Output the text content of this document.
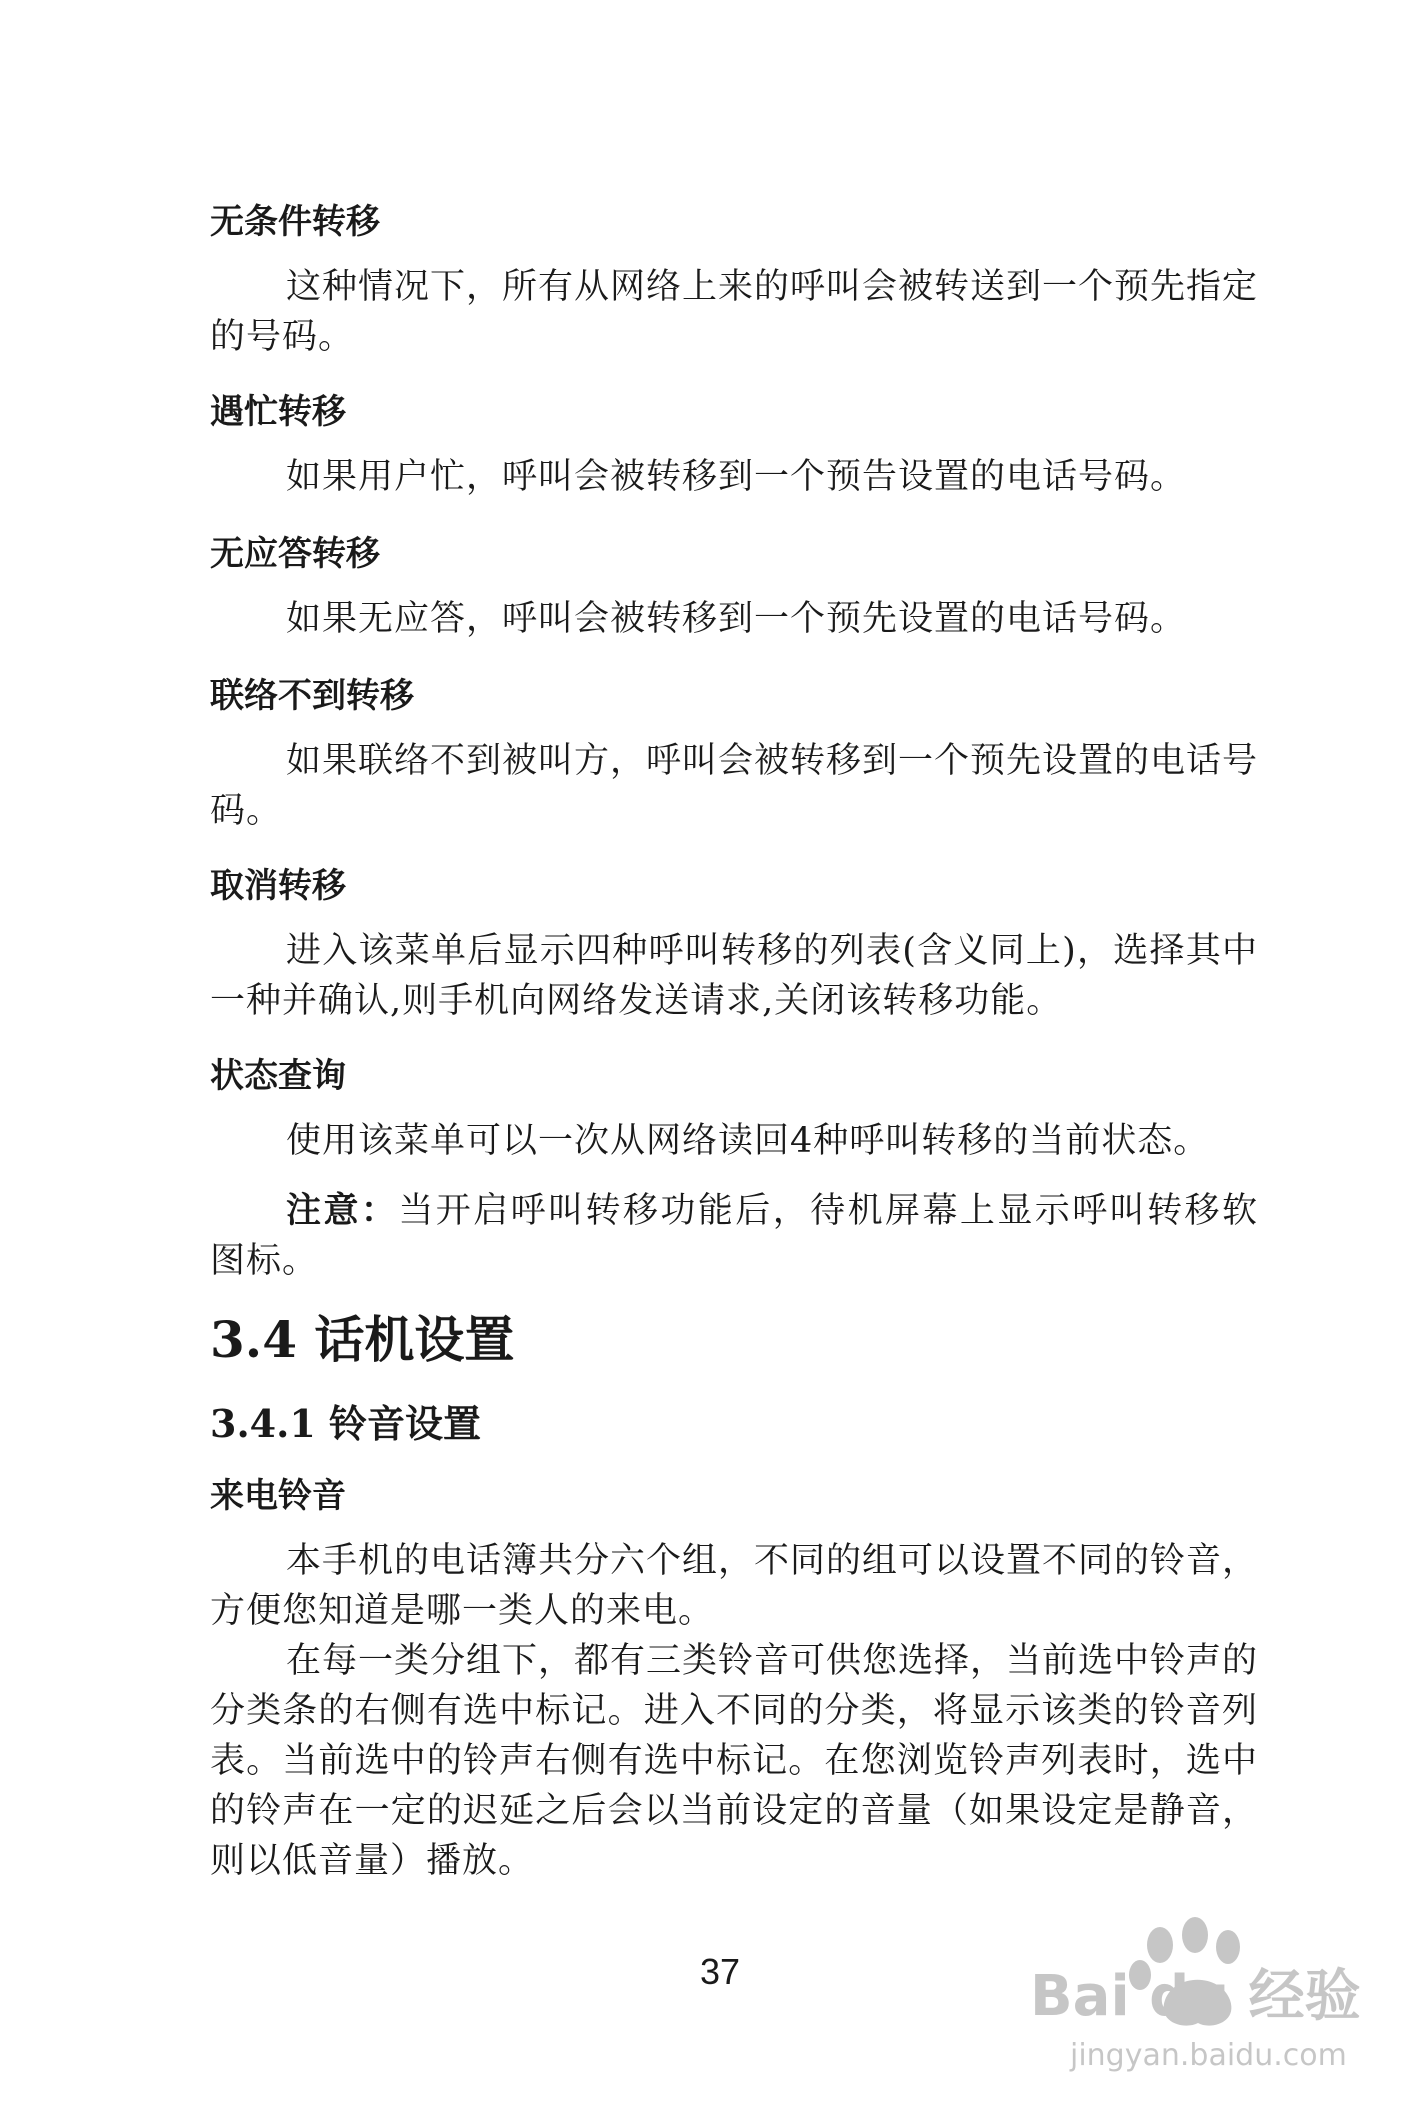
无条件转移
这种情况下，所有从网络上来的呼叫会被转送到一个预先指定的号码。
遇忙转移
如果用户忙，呼叫会被转移到一个预告设置的电话号码。
无应答转移
如果无应答，呼叫会被转移到一个预先设置的电话号码。
联络不到转移
如果联络不到被叫方，呼叫会被转移到一个预先设置的电话号码。
取消转移
进入该菜单后显示四种呼叫转移的列表(含义同上)，选择其中一种并确认,则手机向网络发送请求,关闭该转移功能。
状态查询
使用该菜单可以一次从网络读回4种呼叫转移的当前状态。
注意：当开启呼叫转移功能后，待机屏幕上显示呼叫转移软图标。
3.4 话机设置
3.4.1 铃音设置
来电铃音
本手机的电话簿共分六个组，不同的组可以设置不同的铃音，方便您知道是哪一类人的来电。
在每一类分组下，都有三类铃音可供您选择，当前选中铃声的分类条的右侧有选中标记。进入不同的分类，将显示该类的铃音列表。当前选中的铃声右侧有选中标记。在您浏览铃声列表时，选中的铃声在一定的迟延之后会以当前设定的音量（如果设定是静音，则以低音量）播放。
37	Bai du 经验
jingyan.baidu.com
